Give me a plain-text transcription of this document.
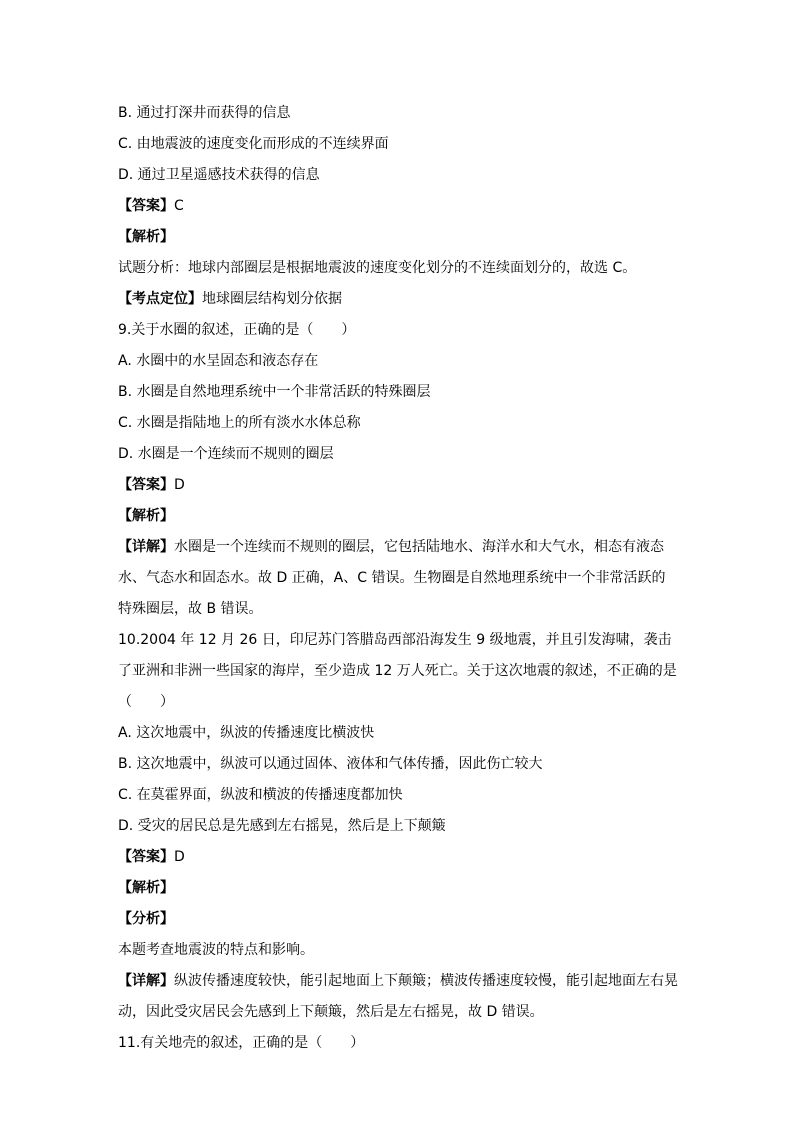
B. 通过打深井而获得的信息
C. 由地震波的速度变化而形成的不连续界面
D. 通过卫星遥感技术获得的信息
【答案】C
【解析】
试题分析：地球内部圈层是根据地震波的速度变化划分的不连续面划分的，故选 C。
【考点定位】地球圈层结构划分依据
9.关于水圈的叙述，正确的是（　　）
A. 水圈中的水呈固态和液态存在
B. 水圈是自然地理系统中一个非常活跃的特殊圈层
C. 水圈是指陆地上的所有淡水水体总称
D. 水圈是一个连续而不规则的圈层
【答案】D
【解析】
【详解】水圈是一个连续而不规则的圈层，它包括陆地水、海洋水和大气水，相态有液态水、气态水和固态水。故 D 正确，A、C 错误。生物圈是自然地理系统中一个非常活跃的特殊圈层，故 B 错误。
10.2004 年 12 月 26 日，印尼苏门答腊岛西部沿海发生 9 级地震，并且引发海啸，袭击了亚洲和非洲一些国家的海岸，至少造成 12 万人死亡。关于这次地震的叙述，不正确的是（　　）
A. 这次地震中，纵波的传播速度比横波快
B. 这次地震中，纵波可以通过固体、液体和气体传播，因此伤亡较大
C. 在莫霍界面，纵波和横波的传播速度都加快
D. 受灾的居民总是先感到左右摇晃，然后是上下颠簸
【答案】D
【解析】
【分析】
本题考查地震波的特点和影响。
【详解】纵波传播速度较快，能引起地面上下颠簸；横波传播速度较慢，能引起地面左右晃动，因此受灾居民会先感到上下颠簸，然后是左右摇晃，故 D 错误。
11.有关地壳的叙述，正确的是（　　）
